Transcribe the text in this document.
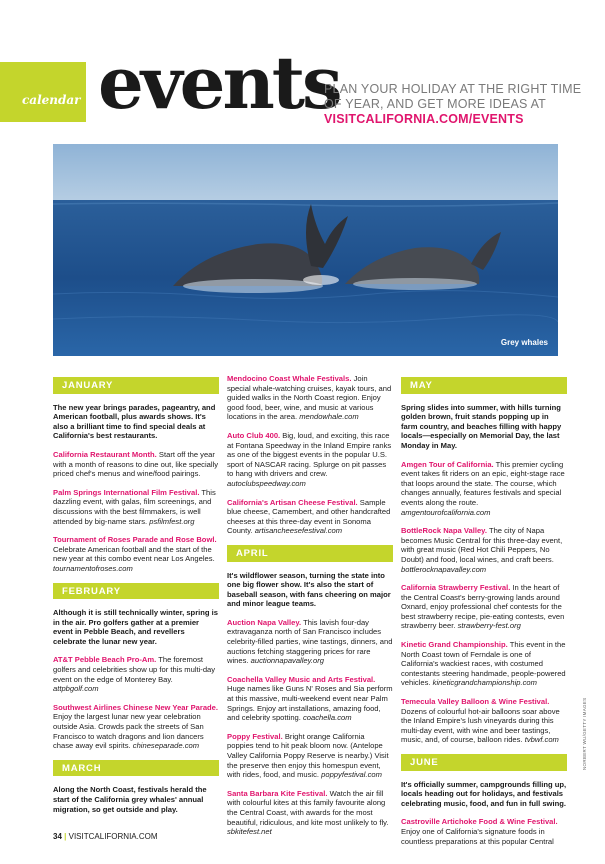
calendar events
PLAN YOUR HOLIDAY AT THE RIGHT TIME OF YEAR, AND GET MORE IDEAS AT
VISITCALIFORNIA.COM/EVENTS
Grey whales
JANUARY

The new year brings parades, pageantry, and American football, plus awards shows. It's also a brilliant time to find special deals at California's best restaurants.

California Restaurant Month. Start off the year with a month of reasons to dine out, like specially priced chef's menus and wine/food pairings.

Palm Springs International Film Festival. This dazzling event, with galas, film screenings, and discussions with the best filmmakers, is well attended by big-name stars. psfilmfest.org

Tournament of Roses Parade and Rose Bowl. Celebrate American football and the start of the new year at this combo event near Los Angeles. tournamentofroses.com

FEBRUARY

Although it is still technically winter, spring is in the air. Pro golfers gather at a premier event in Pebble Beach, and revellers celebrate the lunar new year.

AT&T Pebble Beach Pro-Am. The foremost golfers and celebrities show up for this multi-day event on the edge of Monterey Bay. attpbgolf.com

Southwest Airlines Chinese New Year Parade. Enjoy the largest lunar new year celebration outside Asia. Crowds pack the streets of San Francisco to watch dragons and lion dancers chase away evil spirits. chineseparade.com

MARCH

Along the North Coast, festivals herald the start of the California grey whales' annual migration, so get outside and play.

Mendocino Coast Whale Festivals. Join special whale-watching cruises, kayak tours, and guided walks in the North Coast region. Enjoy good food, beer, wine, and music at various locations in the area. mendowhale.com

Auto Club 400. Big, loud, and exciting, this race at Fontana Speedway in the Inland Empire ranks as one of the biggest events in the popular U.S. sport of NASCAR racing. Splurge on pit passes to hang with drivers and crew. autoclubspeedway.com

California's Artisan Cheese Festival. Sample blue cheese, Camembert, and other handcrafted cheeses at this three-day event in Sonoma County. artisancheesefestival.com

APRIL

It's wildflower season, turning the state into one big flower show. It's also the start of baseball season, with fans cheering on major and minor league teams.

Auction Napa Valley. This lavish four-day extravaganza north of San Francisco includes celebrity-filled parties, wine tastings, dinners, and auctions fetching staggering prices for rare wines. auctionnapavalley.org

Coachella Valley Music and Arts Festival. Huge names like Guns N' Roses and Sia perform at this massive, multi-weekend event near Palm Springs. Enjoy art installations, amazing food, and celebrity spotting. coachella.com

Poppy Festival. Bright orange California poppies tend to hit peak bloom now. (Antelope Valley California Poppy Reserve is nearby.) Visit the preserve then enjoy this homespun event, with rides, food, and music. poppyfestival.com

Santa Barbara Kite Festival. Watch the air fill with colourful kites at this family favourite along the Central Coast, with awards for the most beautiful, ridiculous, and kite most unlikely to fly. sbkitefest.net

MAY

Spring slides into summer, with hills turning golden brown, fruit stands popping up in farm country, and beaches filling with happy locals—especially on Memorial Day, the last Monday in May.

Amgen Tour of California. This premier cycling event takes fit riders on an epic, eight-stage race that loops around the state. The course, which changes annually, features festivals and special events along the route. amgentourofcalifornia.com

BottleRock Napa Valley. The city of Napa becomes Music Central for this three-day event, with great music (Red Hot Chili Peppers, No Doubt) and food, local wines, and craft beers. bottlerocknapavalley.com

California Strawberry Festival. In the heart of the Central Coast's berry-growing lands around Oxnard, enjoy professional chef contests for the best strawberry recipe, pie-eating contests, even strawberry beer. strawberry-fest.org

Kinetic Grand Championship. This event in the North Coast town of Ferndale is one of California's wackiest races, with costumed contestants steering handmade, people-powered vehicles. kineticgrandchampionship.com

Temecula Valley Balloon & Wine Festival. Dozens of colourful hot-air balloons soar above the Inland Empire's lush vineyards during this multi-day event, with wine and beer tastings, music, and, of course, balloon rides. tvbwf.com

JUNE

It's officially summer, campgrounds filling up, locals heading out for holidays, and festivals celebrating music, food, and fun in full swing.

Castroville Artichoke Food & Wine Festival. Enjoy one of California's signature foods in countless preparations at this popular Central

NORBERT WU/GETTY IMAGES
34 | VISITCALIFORNIA.COM
